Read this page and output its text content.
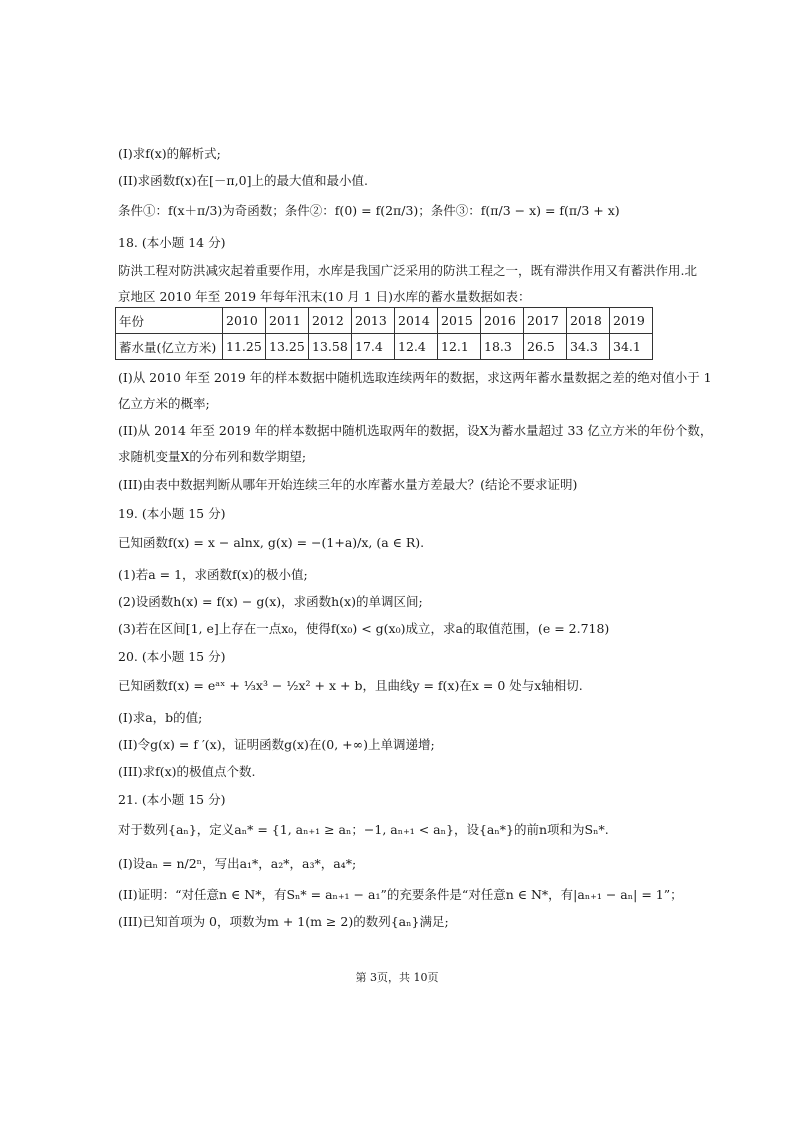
(I)求f(x)的解析式;
(II)求函数f(x)在[－π,0]上的最大值和最小值.
条件①：f(x＋π/3)为奇函数；条件②：f(0) = f(2π/3)；条件③：f(π/3 − x) = f(π/3 + x)
18. (本小题 14 分)
防洪工程对防洪减灾起着重要作用，水库是我国广泛采用的防洪工程之一，既有滞洪作用又有蓄洪作用.北
京地区 2010 年至 2019 年每年汛末(10 月 1 日)水库的蓄水量数据如表：
(I)从 2010 年至 2019 年的样本数据中随机选取连续两年的数据，求这两年蓄水量数据之差的绝对值小于 1
亿立方米的概率;
(II)从 2014 年至 2019 年的样本数据中随机选取两年的数据，设X为蓄水量超过 33 亿立方米的年份个数，
求随机变量X的分布列和数学期望;
(III)由表中数据判断从哪年开始连续三年的水库蓄水量方差最大？(结论不要求证明)
19. (本小题 15 分)
已知函数f(x) = x − alnx, g(x) = −(1+a)/x, (a ∈ R).
(1)若a = 1，求函数f(x)的极小值;
(2)设函数h(x) = f(x) − g(x)，求函数h(x)的单调区间;
(3)若在区间[1, e]上存在一点x₀，使得f(x₀) < g(x₀)成立，求a的取值范围，(e = 2.718)
20. (本小题 15 分)
已知函数f(x) = eᵃˣ + ⅓x³ − ½x² + x + b，且曲线y = f(x)在x = 0 处与x轴相切.
(I)求a，b的值;
(II)令g(x) = f ′(x)，证明函数g(x)在(0, +∞)上单调递增;
(III)求f(x)的极值点个数.
21. (本小题 15 分)
对于数列{aₙ}，定义aₙ* = {1, aₙ₊₁ ≥ aₙ；−1, aₙ₊₁ < aₙ}，设{aₙ*}的前n项和为Sₙ*.
(I)设aₙ = n/2ⁿ，写出a₁*，a₂*，a₃*，a₄*;
(II)证明：“对任意n ∈ N*，有Sₙ* = aₙ₊₁ − a₁”的充要条件是“对任意n ∈ N*，有|aₙ₊₁ − aₙ| = 1”；
(III)已知首项为 0，项数为m + 1(m ≥ 2)的数列{aₙ}满足;
年份	2010	2011	2012	2013	2014	2015	2016	2017	2018	2019
蓄水量(亿立方米)	11.25	13.25	13.58	17.4	12.4	12.1	18.3	26.5	34.3	34.1
第 3页，共 10页
